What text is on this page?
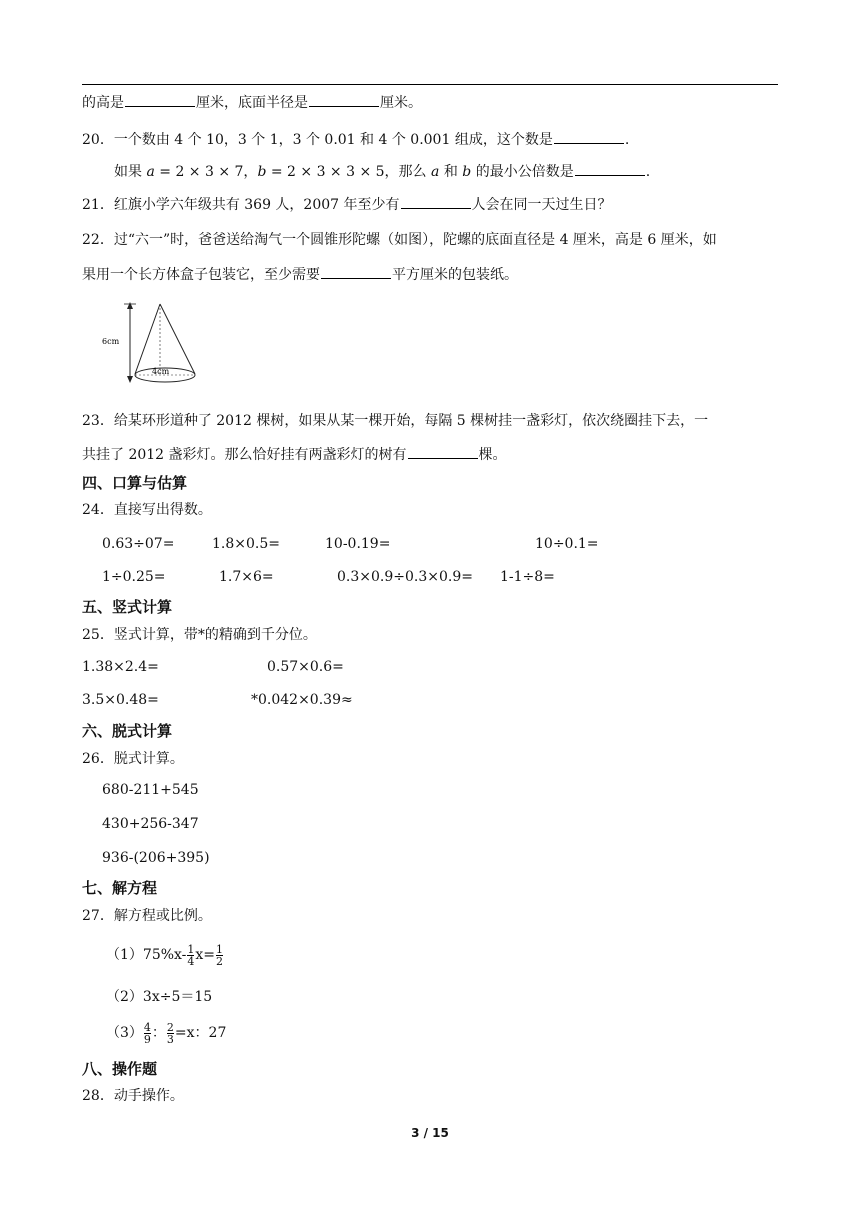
的高是	厘米，底面半径是	厘米。
20．一个数由 4 个 10，3 个 1，3 个 0.01 和 4 个 0.001 组成，这个数是	.
如果 a = 2 × 3 × 7，b = 2 × 3 × 3 × 5，那么 a 和 b 的最小公倍数是	.
21．红旗小学六年级共有 369 人，2007 年至少有	人会在同一天过生日？
22．过“六一”时，爸爸送给淘气一个圆锥形陀螺（如图），陀螺的底面直径是 4 厘米，高是 6 厘米，如
果用一个长方体盒子包装它，至少需要	平方厘米的包装纸。
6cm
4cm
23．给某环形道种了 2012 棵树，如果从某一棵开始，每隔 5 棵树挂一盏彩灯，依次绕圈挂下去，一
共挂了 2012 盏彩灯。那么恰好挂有两盏彩灯的树有	棵。
四、口算与估算
24．直接写出得数。
0.63÷07=	1.8×0.5=	10-0.19=	10÷0.1=
1÷0.25=	1.7×6=	0.3×0.9÷0.3×0.9= 1-1÷8=
五、竖式计算
25．竖式计算，带*的精确到千分位。
1.38×2.4=	0.57×0.6=
3.5×0.48=	*0.042×0.39≈
六、脱式计算
26．脱式计算。
680-211+545
430+256-347
936-(206+395)
七、解方程
27．解方程或比例。
$(1)75\%x- \frac{1}{4} x= \frac{1}{2}$
（2）3x÷5＝15
$(3) \frac{4}{9}$ ： $\frac{2}{3} =x$：27
八、操作题
28．动手操作。
3 / 15
